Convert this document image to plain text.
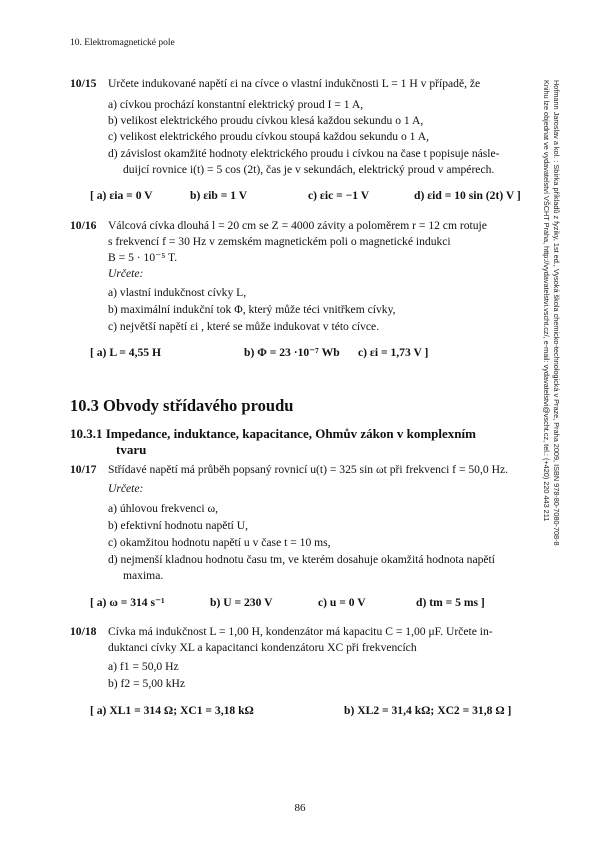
10. Elektromagnetické pole
10/15 Určete indukované napětí εi na cívce o vlastní indukčnosti L = 1 H v případě, že
a) cívkou prochází konstantní elektrický proud I = 1 A,
b) velikost elektrického proudu cívkou klesá každou sekundu o 1 A,
c) velikost elektrického proudu cívkou stoupá každou sekundu o 1 A,
d) závislost okamžité hodnoty elektrického proudu i cívkou na čase t popisuje násle-
duijcí rovnice i(t) = 5 cos (2t), čas je v sekundách, elektrický proud v ampérech.
[ a) εia = 0 V	b) εib = 1 V	c) εic = −1 V	d) εid = 10 sin (2t) V ]
10/16 Válcová cívka dlouhá l = 20 cm se Z = 4000 závity a poloměrem r = 12 cm rotuje
s frekvencí f = 30 Hz v zemském magnetickém poli o magnetické indukci
B = 5 · 10⁻⁵ T.
Určete:
a) vlastní indukčnost cívky L,
b) maximální indukční tok Φ, který může téci vnitřkem cívky,
c) největší napětí εi , které se může indukovat v této cívce.
[ a) L = 4,55 H	b) Φ = 23 ·10⁻⁷ Wb c) εi = 1,73 V ]
10.3 Obvody střídavého proudu
10.3.1 Impedance, induktance, kapacitance, Ohmův zákon v komplexním
tvaru
10/17 Střídavé napětí má průběh popsaný rovnicí u(t) = 325 sin ωt při frekvenci f = 50,0 Hz.
Určete:
a) úhlovou frekvenci ω,
b) efektivní hodnotu napětí U,
c) okamžitou hodnotu napětí u v čase t = 10 ms,
d) nejmenší kladnou hodnotu času tm, ve kterém dosahuje okamžitá hodnota napětí
maxima.
[ a) ω = 314 s⁻¹	b) U = 230 V	c) u = 0 V	d) tm = 5 ms ]
10/18 Cívka má indukčnost L = 1,00 H, kondenzátor má kapacitu C = 1,00 μF. Určete in-
duktanci cívky XL a kapacitanci kondenzátoru XC při frekvencích
a) f1 = 50,0 Hz
b) f2 = 5,00 kHz
[ a) XL1 = 314 Ω; XC1 = 3,18 kΩ	b) XL2 = 31,4 kΩ; XC2 = 31,8 Ω ]
Hofmann Jaroslav a kol. : Sbírka příkladů z fyziky, 1st ed., Vysoká škola chemicko-technologická v Praze, Praha 2009, ISBN 978-80-7080-708-8
Knihu lze objednat ve vydavatelství VŠCHT Praha, http://vydavatelstvi.vscht.cz/, e-mail: vydavatelstvi@vscht.cz, tel.: (+420) 220 443 211
86
